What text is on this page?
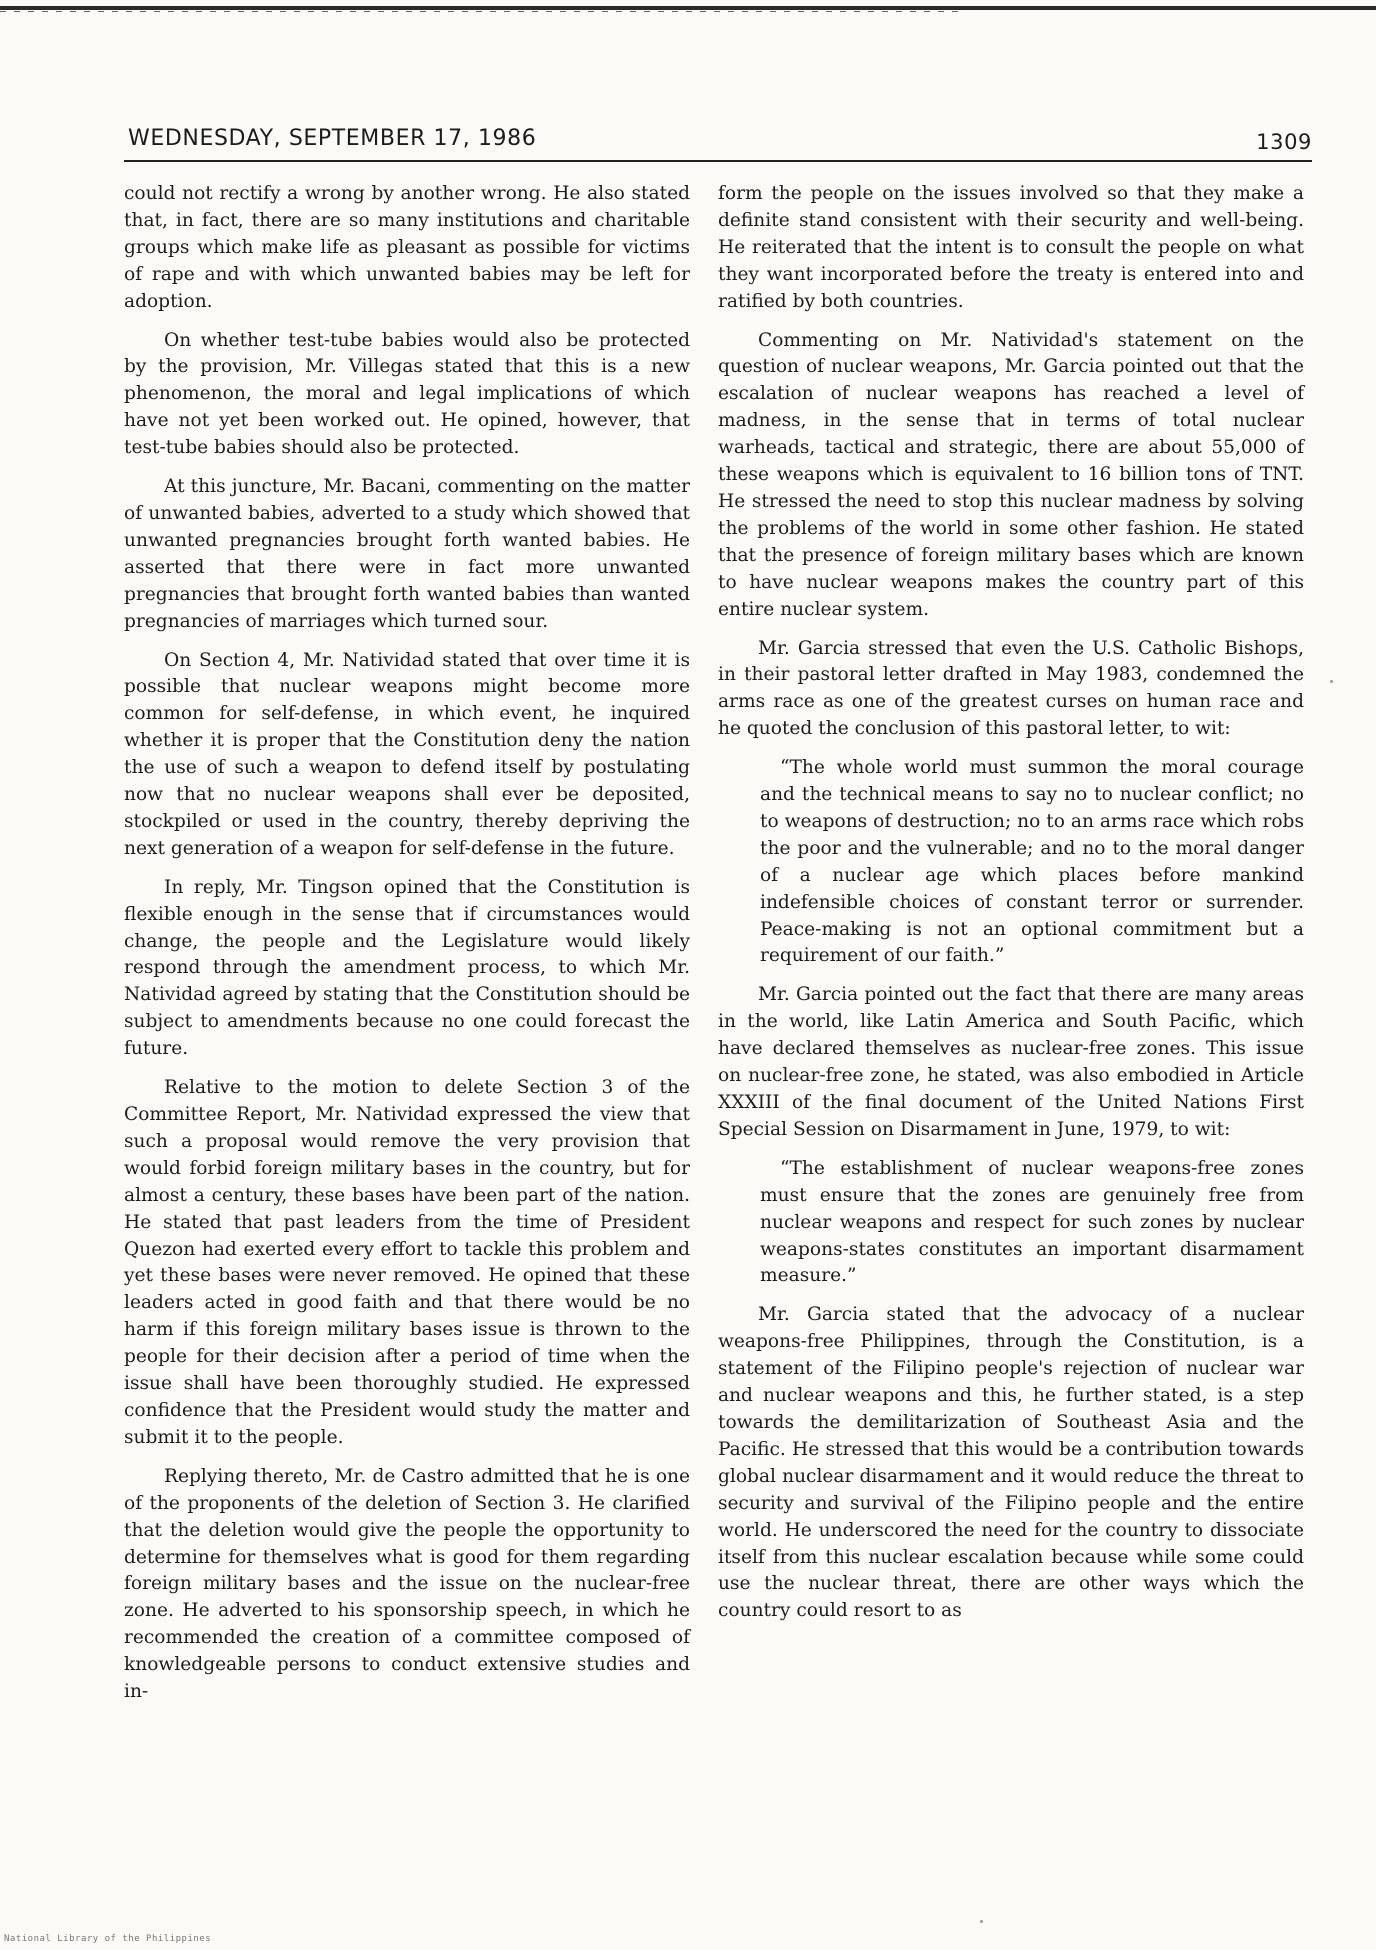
WEDNESDAY, SEPTEMBER 17, 1986	1309

could not rectify a wrong by another wrong. He also stated that, in fact, there are so many institutions and charitable groups which make life as pleasant as possible for victims of rape and with which unwanted babies may be left for adoption.

On whether test-tube babies would also be protected by the provision, Mr. Villegas stated that this is a new phenomenon, the moral and legal implications of which have not yet been worked out. He opined, however, that test-tube babies should also be protected.

At this juncture, Mr. Bacani, commenting on the matter of unwanted babies, adverted to a study which showed that unwanted pregnancies brought forth wanted babies. He asserted that there were in fact more unwanted pregnancies that brought forth wanted babies than wanted pregnancies of marriages which turned sour.

On Section 4, Mr. Natividad stated that over time it is possible that nuclear weapons might become more common for self-defense, in which event, he inquired whether it is proper that the Constitution deny the nation the use of such a weapon to defend itself by postulating now that no nuclear weapons shall ever be deposited, stockpiled or used in the country, thereby depriving the next generation of a weapon for self-defense in the future.

In reply, Mr. Tingson opined that the Constitution is flexible enough in the sense that if circumstances would change, the people and the Legislature would likely respond through the amendment process, to which Mr. Natividad agreed by stating that the Constitution should be subject to amendments because no one could forecast the future.

Relative to the motion to delete Section 3 of the Committee Report, Mr. Natividad expressed the view that such a proposal would remove the very provision that would forbid foreign military bases in the country, but for almost a century, these bases have been part of the nation. He stated that past leaders from the time of President Quezon had exerted every effort to tackle this problem and yet these bases were never removed. He opined that these leaders acted in good faith and that there would be no harm if this foreign military bases issue is thrown to the people for their decision after a period of time when the issue shall have been thoroughly studied. He expressed confidence that the President would study the matter and submit it to the people.

Replying thereto, Mr. de Castro admitted that he is one of the proponents of the deletion of Section 3. He clarified that the deletion would give the people the opportunity to determine for themselves what is good for them regarding foreign military bases and the issue on the nuclear-free zone. He adverted to his sponsorship speech, in which he recommended the creation of a committee composed of knowledgeable persons to conduct extensive studies and in-

form the people on the issues involved so that they make a definite stand consistent with their security and well-being. He reiterated that the intent is to consult the people on what they want incorporated before the treaty is entered into and ratified by both countries.

Commenting on Mr. Natividad's statement on the question of nuclear weapons, Mr. Garcia pointed out that the escalation of nuclear weapons has reached a level of madness, in the sense that in terms of total nuclear warheads, tactical and strategic, there are about 55,000 of these weapons which is equivalent to 16 billion tons of TNT. He stressed the need to stop this nuclear madness by solving the problems of the world in some other fashion. He stated that the presence of foreign military bases which are known to have nuclear weapons makes the country part of this entire nuclear system.

Mr. Garcia stressed that even the U.S. Catholic Bishops, in their pastoral letter drafted in May 1983, condemned the arms race as one of the greatest curses on human race and he quoted the conclusion of this pastoral letter, to wit:

“The whole world must summon the moral courage and the technical means to say no to nuclear conflict; no to weapons of destruction; no to an arms race which robs the poor and the vulnerable; and no to the moral danger of a nuclear age which places before mankind indefensible choices of constant terror or surrender. Peace-making is not an optional commitment but a requirement of our faith.”

Mr. Garcia pointed out the fact that there are many areas in the world, like Latin America and South Pacific, which have declared themselves as nuclear-free zones. This issue on nuclear-free zone, he stated, was also embodied in Article XXXIII of the final document of the United Nations First Special Session on Disarmament in June, 1979, to wit:

“The establishment of nuclear weapons-free zones must ensure that the zones are genuinely free from nuclear weapons and respect for such zones by nuclear weapons-states constitutes an important disarmament measure.”

Mr. Garcia stated that the advocacy of a nuclear weapons-free Philippines, through the Constitution, is a statement of the Filipino people's rejection of nuclear war and nuclear weapons and this, he further stated, is a step towards the demilitarization of Southeast Asia and the Pacific. He stressed that this would be a contribution towards global nuclear disarmament and it would reduce the threat to security and survival of the Filipino people and the entire world. He underscored the need for the country to dissociate itself from this nuclear escalation because while some could use the nuclear threat, there are other ways which the country could resort to as

National Library of the Philippines
